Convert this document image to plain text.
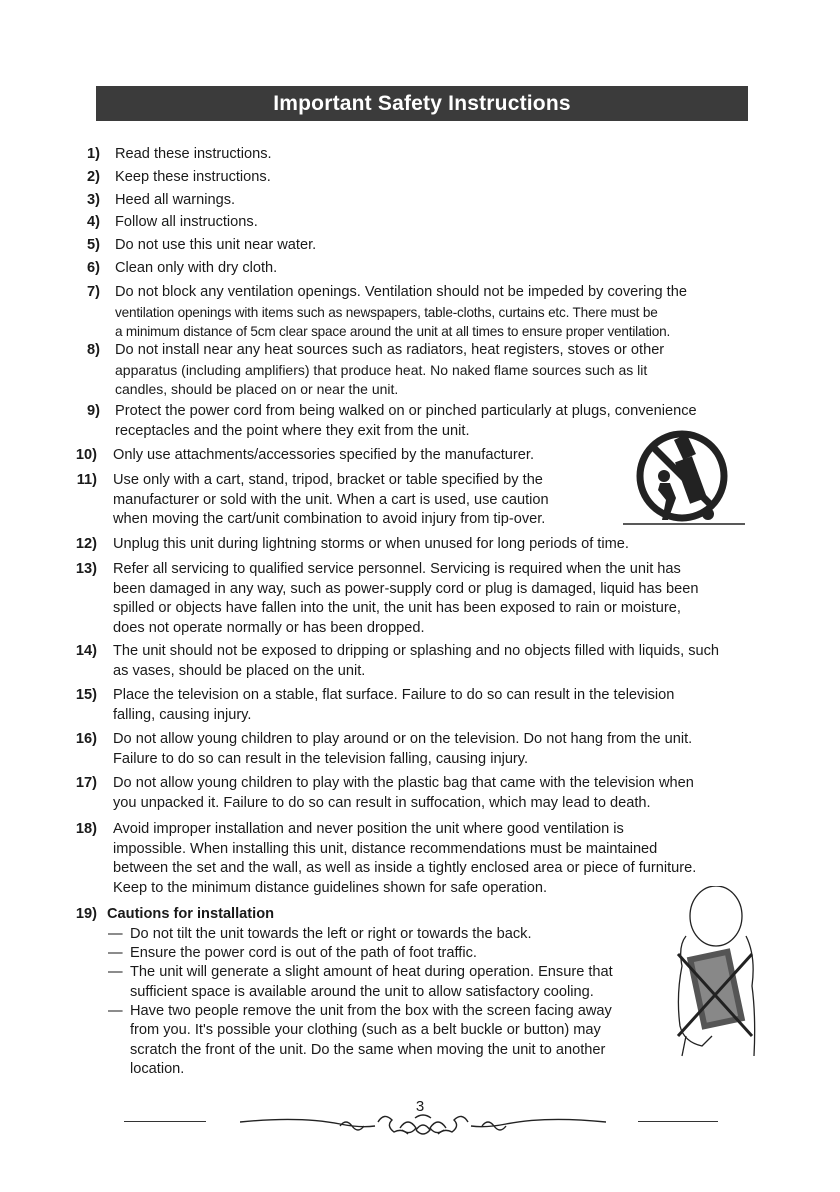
Important Safety Instructions
1) Read these instructions.
2) Keep these instructions.
3) Heed all warnings.
4) Follow all instructions.
5) Do not use this unit near water.
6) Clean only with dry cloth.
7) Do not block any ventilation openings. Ventilation should not be impeded by covering the
ventilation openings with items such as newspapers, table-cloths, curtains etc. There must be
a minimum distance of 5cm clear space around the unit at all times to ensure proper ventilation.
8) Do not install near any heat sources such as radiators, heat registers, stoves or other
apparatus (including amplifiers) that produce heat. No naked flame sources such as lit
candles, should be placed on or near the unit.
9) Protect the power cord from being walked on or pinched particularly at plugs, convenience
receptacles and the point where they exit from the unit.
10) Only use attachments/accessories specified by the manufacturer.
11) Use only with a cart, stand, tripod, bracket or table specified by the
manufacturer or sold with the unit. When a cart is used, use caution
when moving the cart/unit combination to avoid injury from tip-over.
12) Unplug this unit during lightning storms or when unused for long periods of time.
13) Refer all servicing to qualified service personnel. Servicing is required when the unit has
been damaged in any way, such as power-supply cord or plug is damaged, liquid has been
spilled or objects have fallen into the unit, the unit has been exposed to rain or moisture,
does not operate normally or has been dropped.
14) The unit should not be exposed to dripping or splashing and no objects filled with liquids, such
as vases, should be placed on the unit.
15) Place the television on a stable, flat surface. Failure to do so can result in the television
falling, causing injury.
16) Do not allow young children to play around or on the television. Do not hang from the unit.
Failure to do so can result in the television falling, causing injury.
17) Do not allow young children to play with the plastic bag that came with the television when
you unpacked it. Failure to do so can result in suffocation, which may lead to death.
18) Avoid improper installation and never position the unit where good ventilation is
impossible. When installing this unit, distance recommendations must be maintained
between the set and the wall, as well as inside a tightly enclosed area or piece of furniture.
Keep to the minimum distance guidelines shown for safe operation.
19) Cautions for installation
— Do not tilt the unit towards the left or right or towards the back.
— Ensure the power cord is out of the path of foot traffic.
— The unit will generate a slight amount of heat during operation. Ensure that
sufficient space is available around the unit to allow satisfactory cooling.
— Have two people remove the unit from the box with the screen facing away
from you. It's possible your clothing (such as a belt buckle or button) may
scratch the front of the unit. Do the same when moving the unit to another
location.
3
